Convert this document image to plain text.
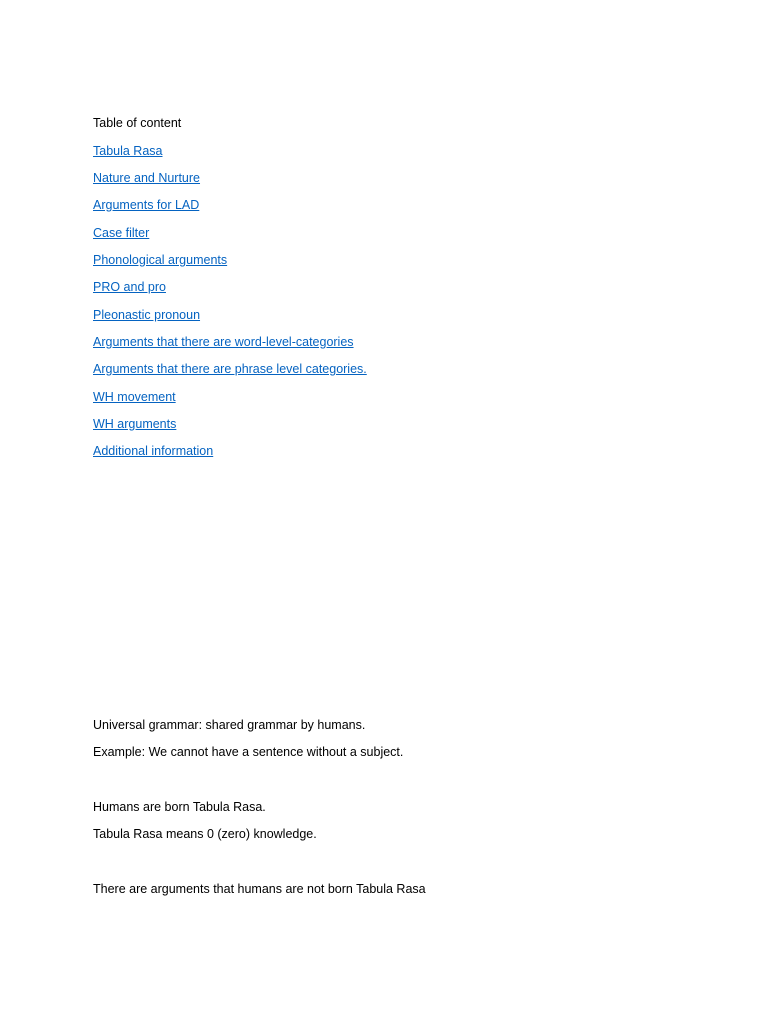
Table of content
Tabula Rasa
Nature and Nurture
Arguments for LAD
Case filter
Phonological arguments
PRO and pro
Pleonastic pronoun
Arguments that there are word-level-categories
Arguments that there are phrase level categories.
WH movement
WH arguments
Additional information
Universal grammar: shared grammar by humans.
Example: We cannot have a sentence without a subject.
Humans are born Tabula Rasa.
Tabula Rasa means 0 (zero) knowledge.
There are arguments that humans are not born Tabula Rasa
